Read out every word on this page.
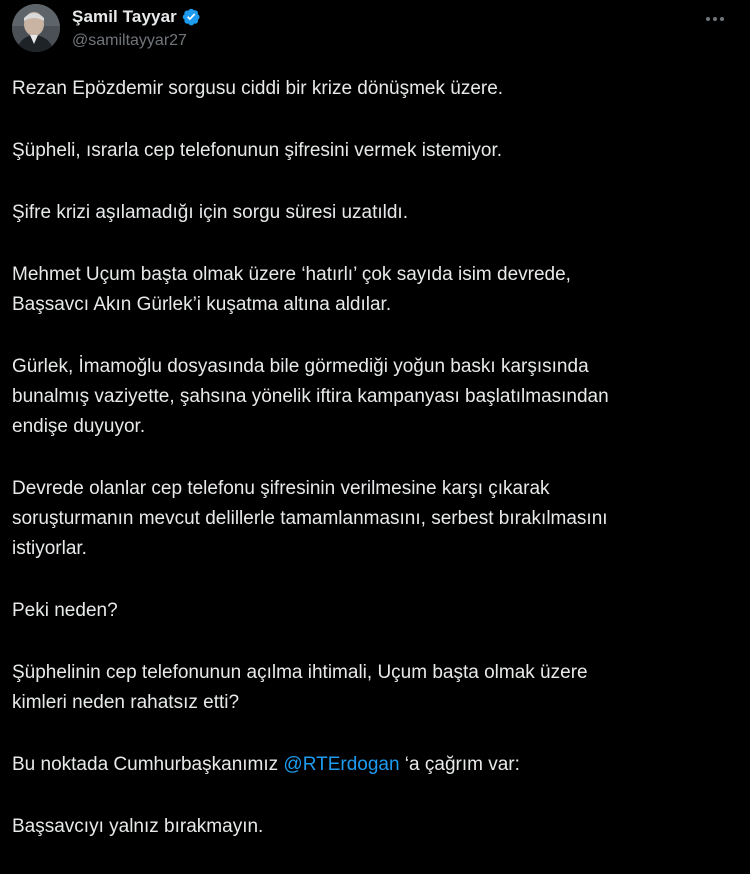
Şamil Tayyar
@samiltayyar27

Rezan Epözdemir sorgusu ciddi bir krize dönüşmek üzere.

Şüpheli, ısrarla cep telefonunun şifresini vermek istemiyor.

Şifre krizi aşılamadığı için sorgu süresi uzatıldı.

Mehmet Uçum başta olmak üzere ‘hatırlı’ çok sayıda isim devrede,
Başsavcı Akın Gürlek’i kuşatma altına aldılar.

Gürlek, İmamoğlu dosyasında bile görmediği yoğun baskı karşısında
bunalmış vaziyette, şahsına yönelik iftira kampanyası başlatılmasından
endişe duyuyor.

Devrede olanlar cep telefonu şifresinin verilmesine karşı çıkarak
soruşturmanın mevcut delillerle tamamlanmasını, serbest bırakılmasını
istiyorlar.

Peki neden?

Şüphelinin cep telefonunun açılma ihtimali, Uçum başta olmak üzere
kimleri neden rahatsız etti?

Bu noktada Cumhurbaşkanımız @RTErdogan ‘a çağrım var:

Başsavcıyı yalnız bırakmayın.
